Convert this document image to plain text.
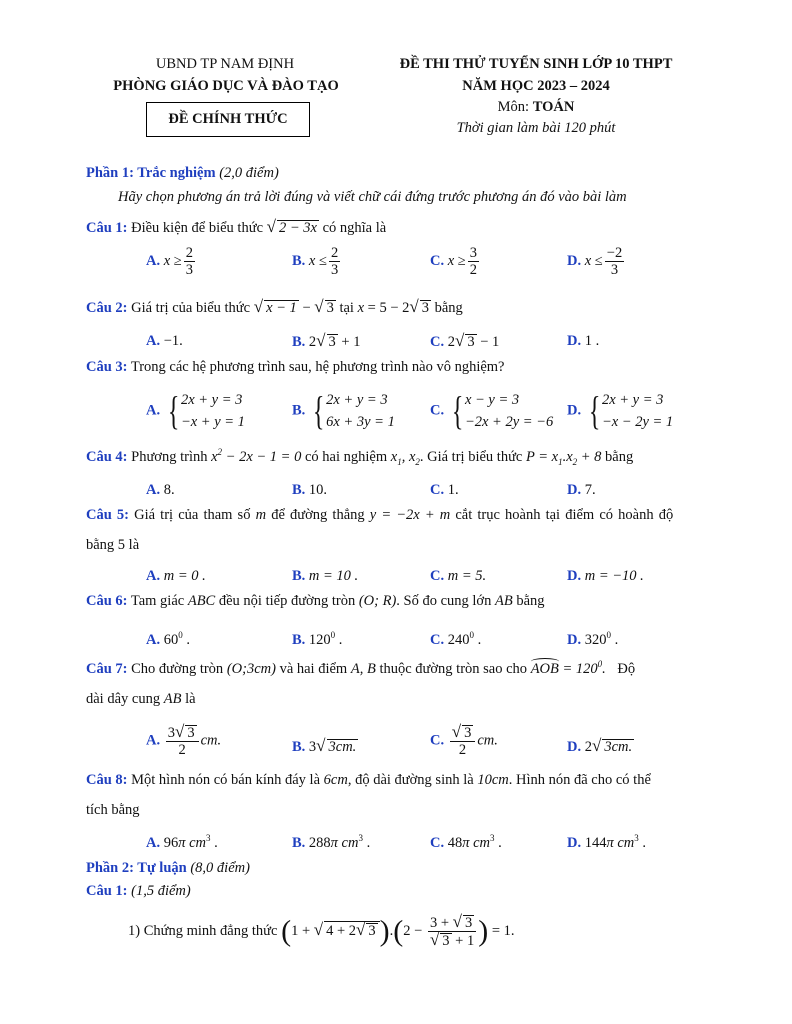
UBND TP NAM ĐỊNH
PHÒNG GIÁO DỤC VÀ ĐÀO TẠO
ĐỀ CHÍNH THỨC
ĐỀ THI THỬ TUYỂN SINH LỚP 10 THPT
NĂM HỌC 2023 – 2024
Môn: TOÁN
Thời gian làm bài 120 phút
Phần 1: Trắc nghiệm (2,0 điểm)
Hãy chọn phương án trả lời đúng và viết chữ cái đứng trước phương án đó vào bài làm
Câu 1: Điều kiện để biểu thức √ 2 − 3x có nghĩa là
A. $x \ge \frac{2}{3}$	B. $x \le \frac{2}{3}$	C. $x \ge \frac{3}{2}$	D. $x \le \frac{-2}{3}$
Câu 2: Giá trị của biểu thức √ x − 1 − √ 3 tại x = 5 − 2√ 3 bằng
A. −1.	B. 2√ 3 + 1	C. 2√ 3 − 1	D. 1 .
Câu 3: Trong các hệ phương trình sau, hệ phương trình nào vô nghiệm?
A. { 2x + y = 3
−x + y = 1
B. { 2x + y = 3
6x + 3y = 1
C. { x − y = 3
−2x + 2y = −6
D. { 2x + y = 3
−x − 2y = 1
Câu 4: Phương trình $x^2 - 2x - 1 = 0$ có hai nghiệm $x_1$, $x_2$. Giá trị biểu thức $P = x_1.x_2 + 8$ bằng
A. 8.	B. 10.	C. 1.	D. 7.
Câu 5: Giá trị của tham số m để đường thẳng y = −2x + m cắt trục hoành tại điểm có hoành độ
bằng 5 là
A. m = 0 .	B. m = 10 .	C. m = 5.	D. m = −10 .
Câu 6: Tam giác ABC đều nội tiếp đường tròn (O; R). Số đo cung lớn AB bằng
A. $60^0$ .	B. $120^0$ .	C. $240^0$ .	D. $320^0$ .
Câu 7: Cho đường tròn (O;3cm) và hai điểm A, B thuộc đường tròn sao cho AOB = $120^0$. Độ
dài dây cung AB là
A. $\frac{3√ 3}{2}$ cm.	B. 3√ 3cm.	C. $\frac{√ 3}{2}$ cm.	D. 2√ 3cm.
Câu 8: Một hình nón có bán kính đáy là 6cm, độ dài đường sinh là 10cm. Hình nón đã cho có thể
tích bằng
A. 96π $cm^3$ .	B. 288π $cm^3$ .	C. 48π $cm^3$ .	D. 144π $cm^3$ .
Phần 2: Tự luận (8,0 điểm)
Câu 1: (1,5 điểm)
1) Chứng minh đẳng thức (1 + √ 4 + 2√ 3 )$.(2 - \frac{3 + √ 3}{√ 3 + 1}$ ) = 1.
